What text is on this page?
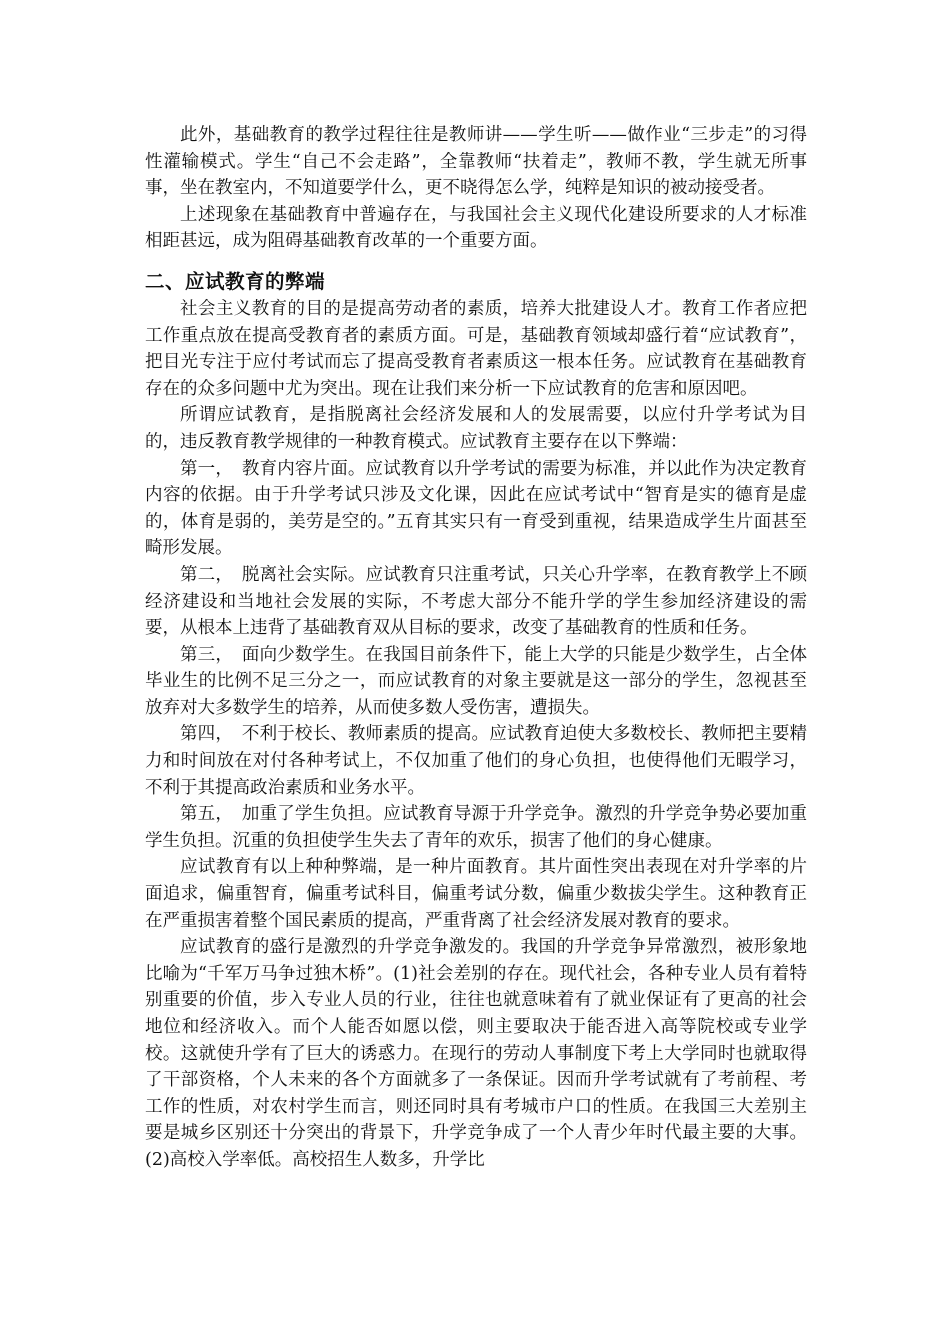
此外，基础教育的教学过程往往是教师讲——学生听——做作业“三步走”的习得性灌输模式。学生“自己不会走路”，全靠教师“扶着走”，教师不教，学生就无所事事，坐在教室内，不知道要学什么，更不晓得怎么学，纯粹是知识的被动接受者。

上述现象在基础教育中普遍存在，与我国社会主义现代化建设所要求的人才标准相距甚远，成为阻碍基础教育改革的一个重要方面。

二、应试教育的弊端

社会主义教育的目的是提高劳动者的素质，培养大批建设人才。教育工作者应把工作重点放在提高受教育者的素质方面。可是，基础教育领域却盛行着“应试教育”，把目光专注于应付考试而忘了提高受教育者素质这一根本任务。应试教育在基础教育存在的众多问题中尤为突出。现在让我们来分析一下应试教育的危害和原因吧。

所谓应试教育，是指脱离社会经济发展和人的发展需要，以应付升学考试为目的，违反教育教学规律的一种教育模式。应试教育主要存在以下弊端：

第一，　教育内容片面。应试教育以升学考试的需要为标准，并以此作为决定教育内容的依据。由于升学考试只涉及文化课，因此在应试考试中“智育是实的德育是虚的，体育是弱的，美劳是空的。”五育其实只有一育受到重视，结果造成学生片面甚至畸形发展。

第二，　脱离社会实际。应试教育只注重考试，只关心升学率，在教育教学上不顾经济建设和当地社会发展的实际，不考虑大部分不能升学的学生参加经济建设的需要，从根本上违背了基础教育双从目标的要求，改变了基础教育的性质和任务。

第三，　面向少数学生。在我国目前条件下，能上大学的只能是少数学生，占全体毕业生的比例不足三分之一，而应试教育的对象主要就是这一部分的学生，忽视甚至放弃对大多数学生的培养，从而使多数人受伤害，遭损失。

第四，　不利于校长、教师素质的提高。应试教育迫使大多数校长、教师把主要精力和时间放在对付各种考试上，不仅加重了他们的身心负担，也使得他们无暇学习，不利于其提高政治素质和业务水平。

第五，　加重了学生负担。应试教育导源于升学竞争。激烈的升学竞争势必要加重学生负担。沉重的负担使学生失去了青年的欢乐，损害了他们的身心健康。

应试教育有以上种种弊端，是一种片面教育。其片面性突出表现在对升学率的片面追求，偏重智育，偏重考试科目，偏重考试分数，偏重少数拔尖学生。这种教育正在严重损害着整个国民素质的提高，严重背离了社会经济发展对教育的要求。

应试教育的盛行是激烈的升学竞争激发的。我国的升学竞争异常激烈，被形象地比喻为“千军万马争过独木桥”。(1)社会差别的存在。现代社会，各种专业人员有着特别重要的价值，步入专业人员的行业，往往也就意味着有了就业保证有了更高的社会地位和经济收入。而个人能否如愿以偿，则主要取决于能否进入高等院校或专业学校。这就使升学有了巨大的诱惑力。在现行的劳动人事制度下考上大学同时也就取得了干部资格，个人未来的各个方面就多了一条保证。因而升学考试就有了考前程、考工作的性质，对农村学生而言，则还同时具有考城市户口的性质。在我国三大差别主要是城乡区别还十分突出的背景下，升学竞争成了一个人青少年时代最主要的大事。(2)高校入学率低。高校招生人数多，升学比
